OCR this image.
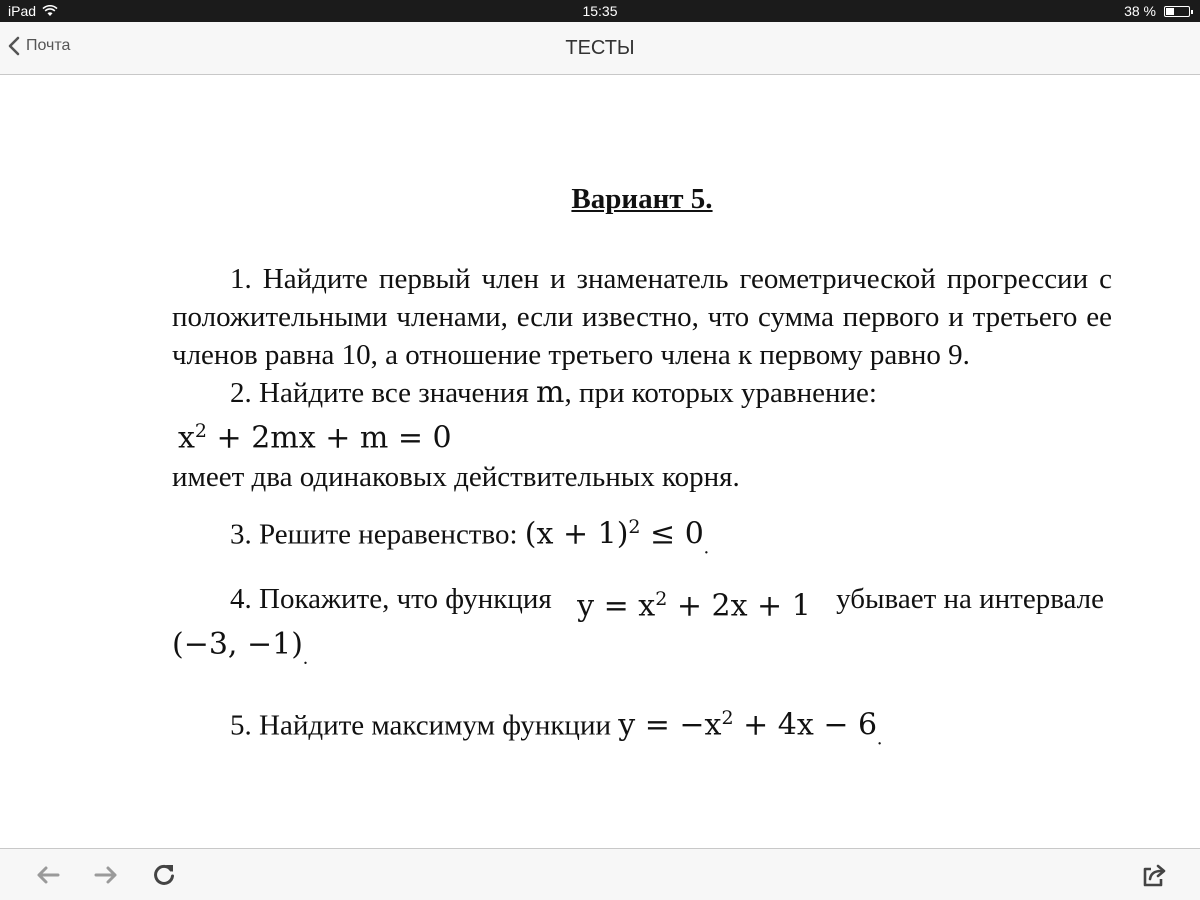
iPad	15:35	38 %
Почта	ТЕСТЫ
Вариант 5.

1. Найдите первый член и знаменатель геометрической прогрессии с положительными членами, если известно, что сумма первого и третьего ее членов равна 10, а отношение третьего члена к первому равно 9.

2. Найдите все значения m, при которых уравнение:

$x^2 + 2mx + m = 0$

имеет два одинаковых действительных корня.

3. Решите неравенство: $(x + 1)^2 \le 0_.$

4. Покажите, что функция $y = x^2 + 2x + 1$ убывает на интервале

(−3, $-1)_.$

5. Найдите максимум функции $y = -x^2 + 4x - 6_.$
